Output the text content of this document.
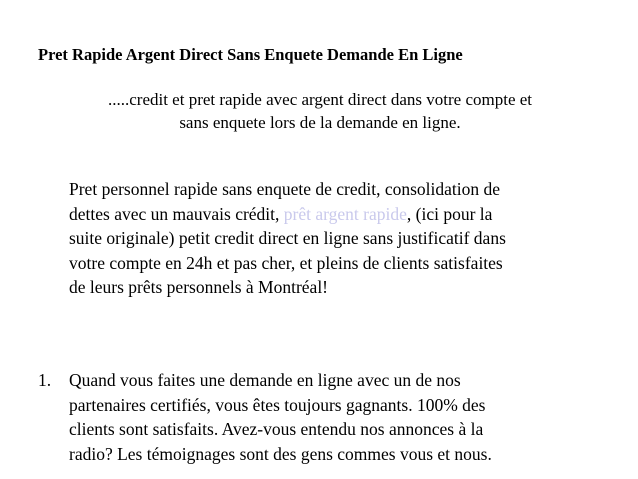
Pret Rapide Argent Direct Sans Enquete Demande En Ligne
.....credit et pret rapide avec argent direct dans votre compte et
sans enquete lors de la demande en ligne.
Pret personnel rapide sans enquete de credit, consolidation de
dettes avec un mauvais crédit, prêt argent rapide, (ici pour la
suite originale) petit credit direct en ligne sans justificatif dans
votre compte en 24h et pas cher, et pleins de clients satisfaites
de leurs prêts personnels à Montréal!
1. Quand vous faites une demande en ligne avec un de nos
partenaires certifiés, vous êtes toujours gagnants. 100% des
clients sont satisfaits. Avez-vous entendu nos annonces à la
radio? Les témoignages sont des gens commes vous et nous.
